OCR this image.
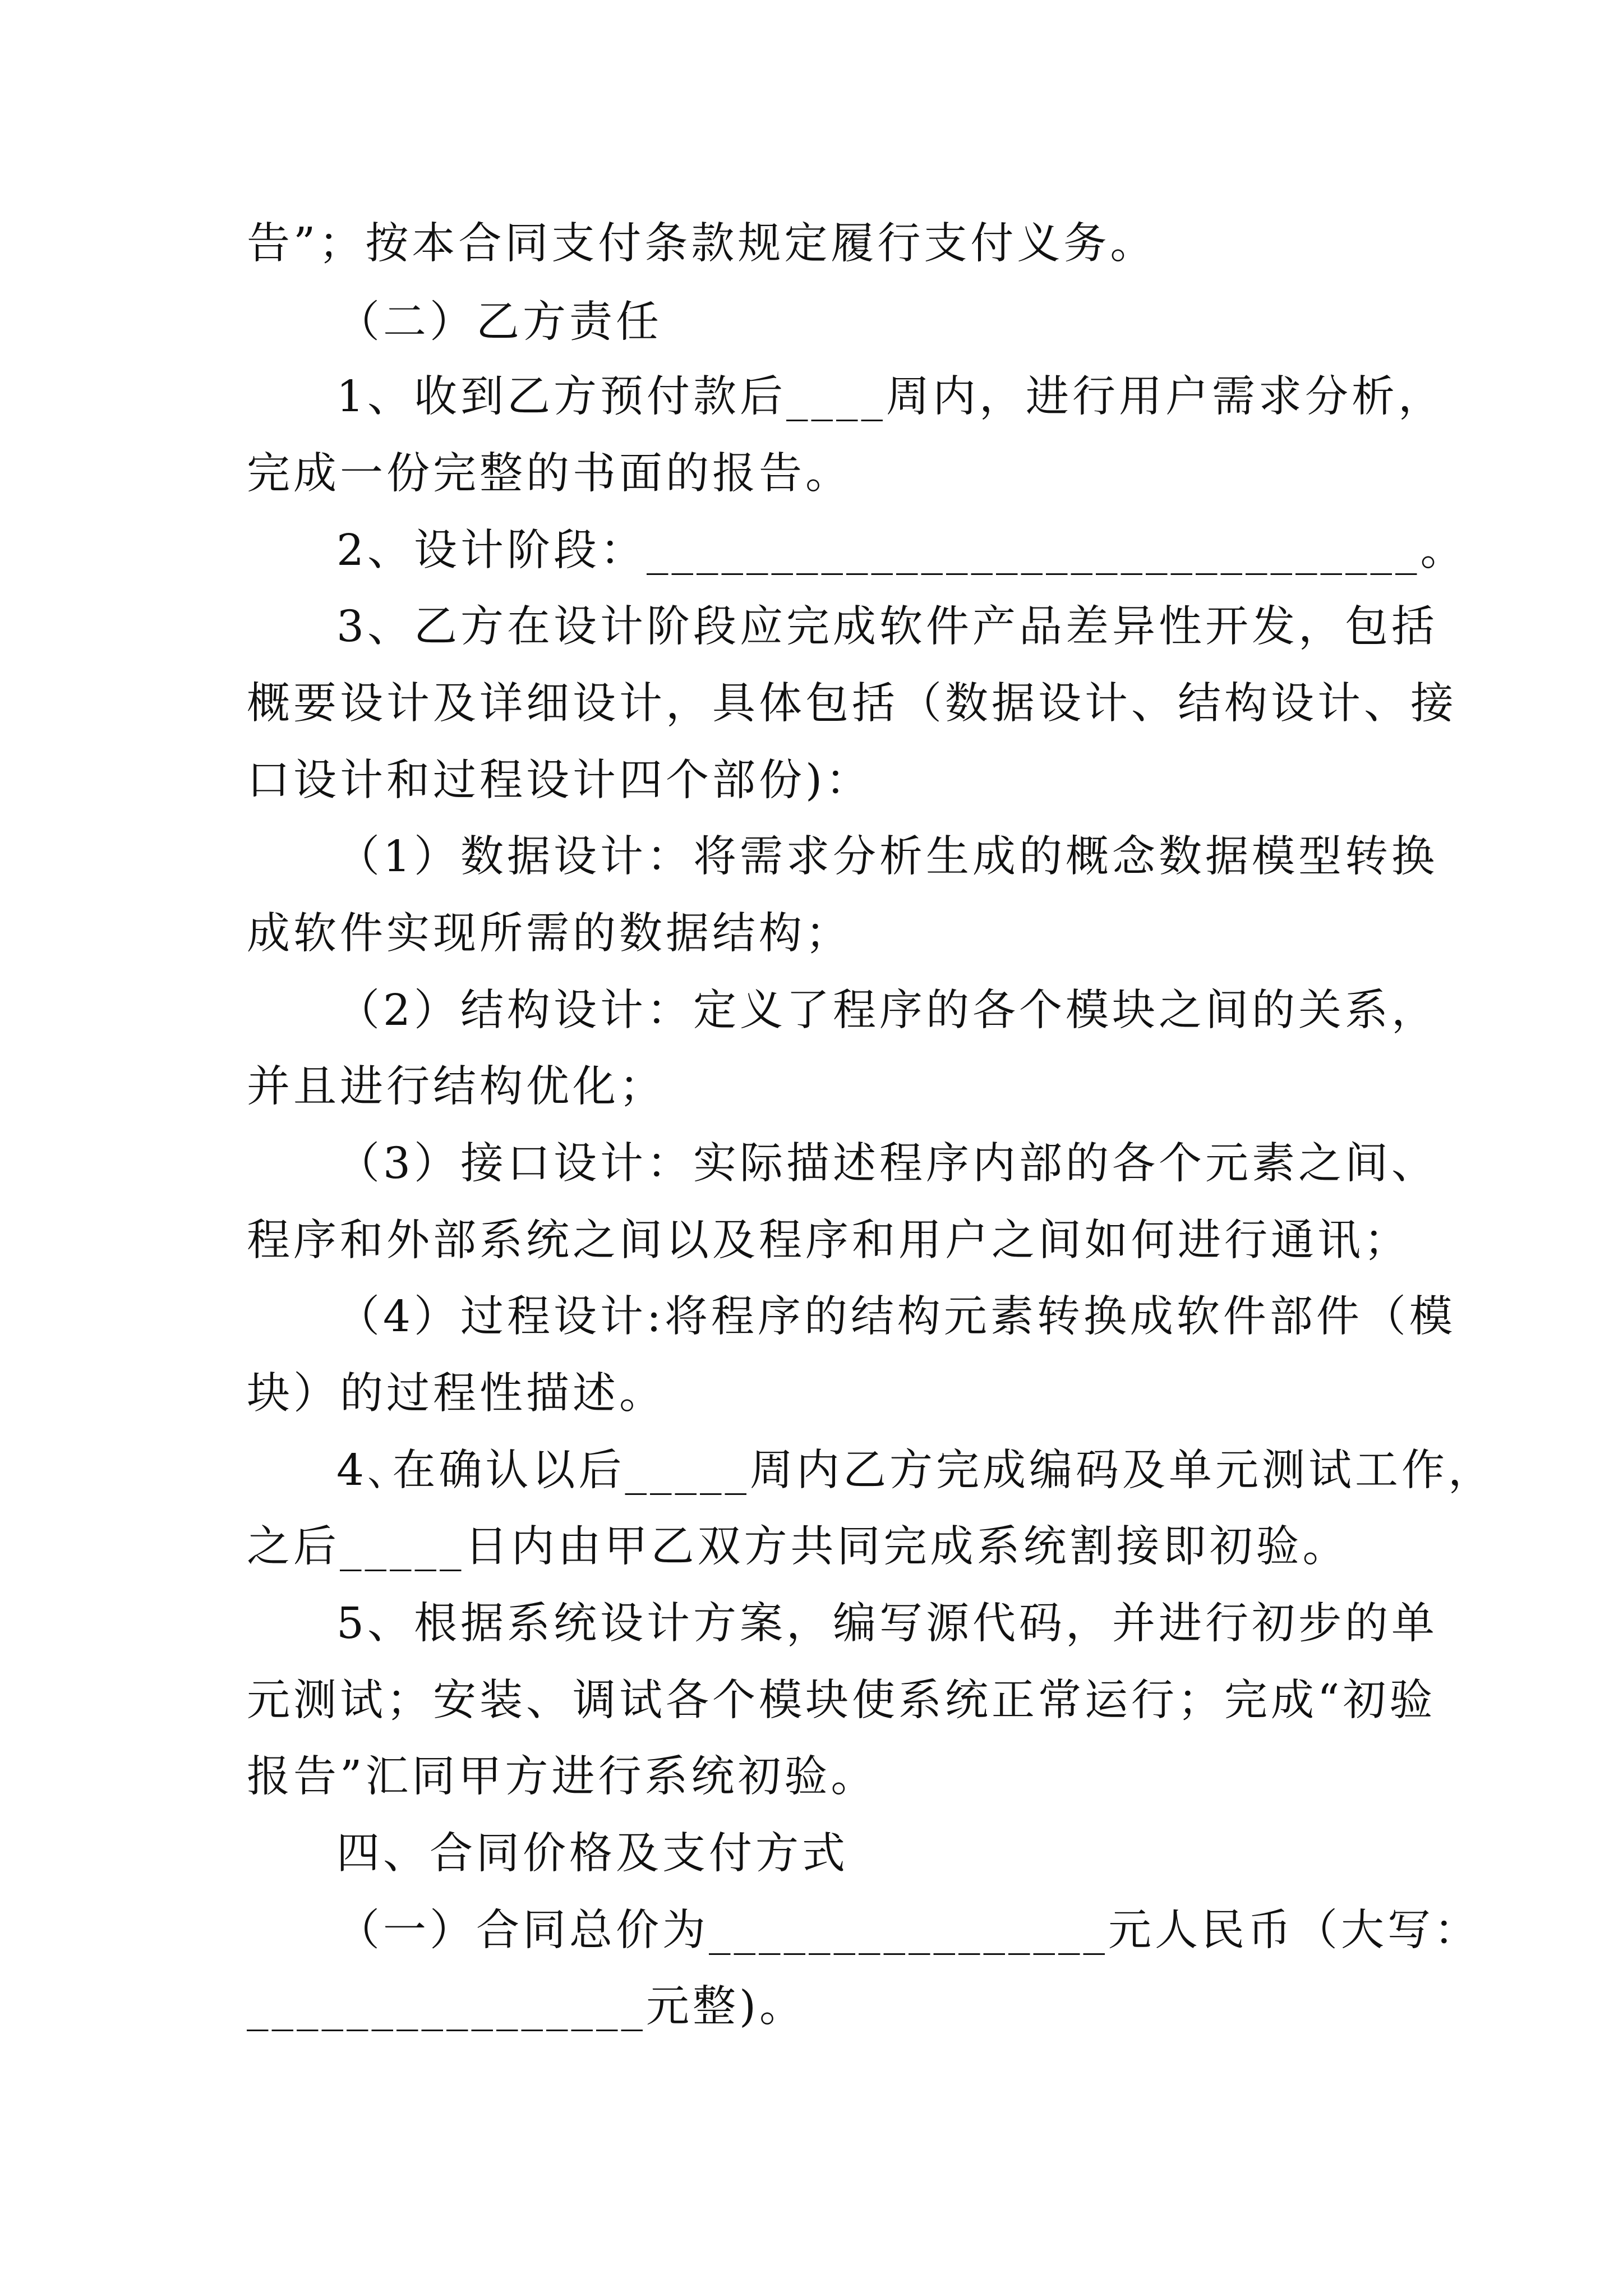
告”；按本合同支付条款规定履行支付义务。
（二）乙方责任
1、收到乙方预付款后____周内，进行用户需求分析，
完成一份完整的书面的报告。
2、设计阶段：_______________________________。
3、乙方在设计阶段应完成软件产品差异性开发，包括
概要设计及详细设计，具体包括（数据设计、结构设计、接
口设计和过程设计四个部份)：
（1）数据设计：将需求分析生成的概念数据模型转换
成软件实现所需的数据结构；
（2）结构设计：定义了程序的各个模块之间的关系，
并且进行结构优化；
（3）接口设计：实际描述程序内部的各个元素之间、
程序和外部系统之间以及程序和用户之间如何进行通讯；
（4）过程设计:将程序的结构元素转换成软件部件（模
块）的过程性描述。
4､在确认以后_____周内乙方完成编码及单元测试工作，
之后_____日内由甲乙双方共同完成系统割接即初验。
5、根据系统设计方案，编写源代码，并进行初步的单
元测试；安装、调试各个模块使系统正常运行；完成“初验
报告”汇同甲方进行系统初验。
四、合同价格及支付方式
（一）合同总价为________________元人民币（大写：
________________元整)。
